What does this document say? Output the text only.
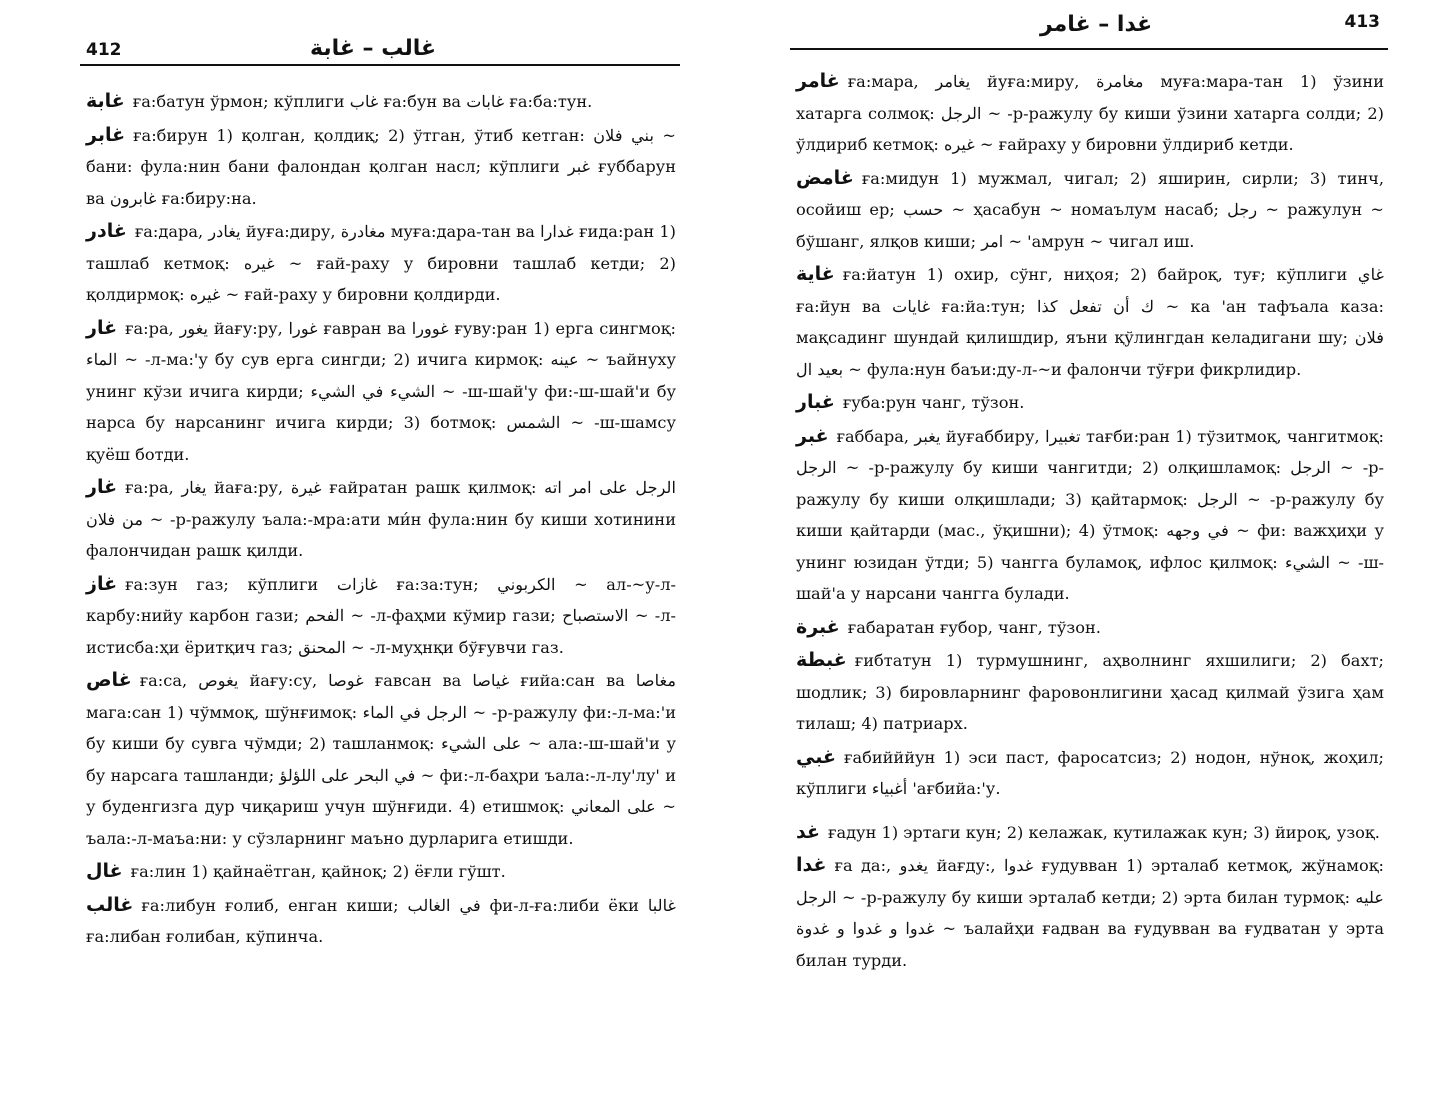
412	غالب – غابة

غابة ға:батун ўрмон; кўплиги غاب ға:бун ва غابات ға:ба:тун.

غابر ға:бирун 1) қолган, қолдиқ; 2) ўтган, ўтиб кетган: بني فلان ~ бани: фула:нин бани фалондан қолган насл; кўплиги غبر ғуббарун ва غابرون ға:биру:на.

غادر ға:дара, يغادر йуға:диру, مغادرة муға:дара-тан ва غدارا ғида:ран 1) ташлаб кетмоқ: غيره ~ ғай-раху у бировни ташлаб кетди; 2) қолдирмоқ: غيره ~ ғай-раху у бировни қолдирди.

غار ға:ра, يغور йағу:ру, غورا ғавран ва غوورا ғуву:ран 1) ерга сингмоқ: الماء ~ -л-ма:'у бу сув ерга сингди; 2) ичига кирмоқ: عينه ~ ъайнуху унинг кўзи ичига кирди; الشيء في الشيء ~ -ш-шай'у фи:-ш-шай'и бу нарса бу нарсанинг ичига кирди; 3) ботмоқ: الشمس ~ -ш-шамсу қуёш ботди.

غار ға:ра, يغار йаға:ру, غيرة ғайратан рашк қилмоқ: الرجل على امر اته من فلان ~ -р-ражулу ъала:-мра:ати ми́н фула:нин бу киши хотинини фалончидан рашк қилди.

غاز ға:зун газ; кўплиги غازات ға:за:тун; الكربوني ~ ал-~у-л-карбу:нийу карбон гази; الفحم ~ -л-фаҳми кўмир гази; الاستصباح ~ -л-истисба:ҳи ёритқич газ; المحنق ~ -л-муҳнқи бўғувчи газ.

غاص ға:са, يغوص йағу:су, غوصا ғавсан ва غياصا ғийа:сан ва مغاصا мага:сан 1) чўммоқ, шўнғимоқ: الرجل في الماء ~ -р-ражулу фи:-л-ма:'и бу киши бу сувга чўмди; 2) ташланмоқ: على الشيء ~ ала:-ш-шай'и у бу нарсага ташланди; في البحر على اللؤلؤ ~ фи:-л-баҳри ъала:-л-лу'лу' и у буденгизга дур чиқариш учун шўнғиди. 4) етишмоқ: على المعاني ~ ъала:-л-маъа:ни: у сўзларнинг маъно дурларига етишди.

غال ға:лин 1) қайнаётган, қайноқ; 2) ёғли гўшт.

غالب ға:либун ғолиб, енган киши; في الغالب фи-л-ға:либи ёки غالبا ға:либан ғолибан, кўпинча.

غدا – غامر	413

غامر ға:мара, يغامر йуға:миру, مغامرة муға:мара-тан 1) ўзини хатарга солмоқ: الرجل ~ -р-ражулу бу киши ўзини хатарга солди; 2) ўлдириб кетмоқ: غيره ~ ғайраху у бировни ўлдириб кетди.

غامض ға:мидун 1) мужмал, чигал; 2) яширин, сирли; 3) тинч, осойиш ер; حسب ~ ҳасабун ~ номаълум насаб; رجل ~ ражулун ~ бўшанг, ялқов киши; امر ~ 'амрун ~ чигал иш.

غاية ға:йатун 1) охир, сўнг, ниҳоя; 2) байроқ, туғ; кўплиги غاي ға:йун ва غايات ға:йа:тун; ك أن تفعل كذا ~ ка 'ан тафъала каза: мақсадинг шундай қилишдир, яъни қўлингдан келадигани шу; فلان بعيد ال ~ фула:нун баъи:ду-л-~и фалончи тўғри фикрлидир.

غبار ғуба:рун чанг, тўзон.

غبر ғаббара, يغبر йуғаббиру, تغبيرا тағби:ран 1) тўзитмоқ, чангитмоқ: الرجل ~ -р-ражулу бу киши чангитди; 2) олқишламоқ: الرجل ~ -р-ражулу бу киши олқишлади; 3) қайтармоқ: الرجل ~ -р-ражулу бу киши қайтарди (мас., ўқишни); 4) ўтмоқ: في وجهه ~ фи: важҳиҳи у унинг юзидан ўтди; 5) чангга буламоқ, ифлос қилмоқ: الشيء ~ -ш-шай'а у нарсани чангга булади.

غبرة ғабаратан ғубор, чанг, тўзон.

غبطة ғибтатун 1) турмушнинг, аҳволнинг яхшилиги; 2) бахт; шодлик; 3) бировларнинг фаровонлигини ҳасад қилмай ўзига ҳам тилаш; 4) патриарх.

غبي ғабийййун 1) эси паст, фаросатсиз; 2) нодон, нўноқ, жоҳил; кўплиги أغبياء 'ағбийа:'у.

غد ғадун 1) эртаги кун; 2) келажак, кутилажак кун; 3) йироқ, узоқ.

غدا ға да:, يغدو йағду:, غدوا ғудувван 1) эрталаб кетмоқ, жўнамоқ: الرجل ~ -р-ражулу бу киши эрталаб кетди; 2) эрта билан турмоқ: عليه غدوا و غدوا و غدوة ~ ъалайҳи ғадван ва ғудувван ва ғудватан у эрта билан турди.
